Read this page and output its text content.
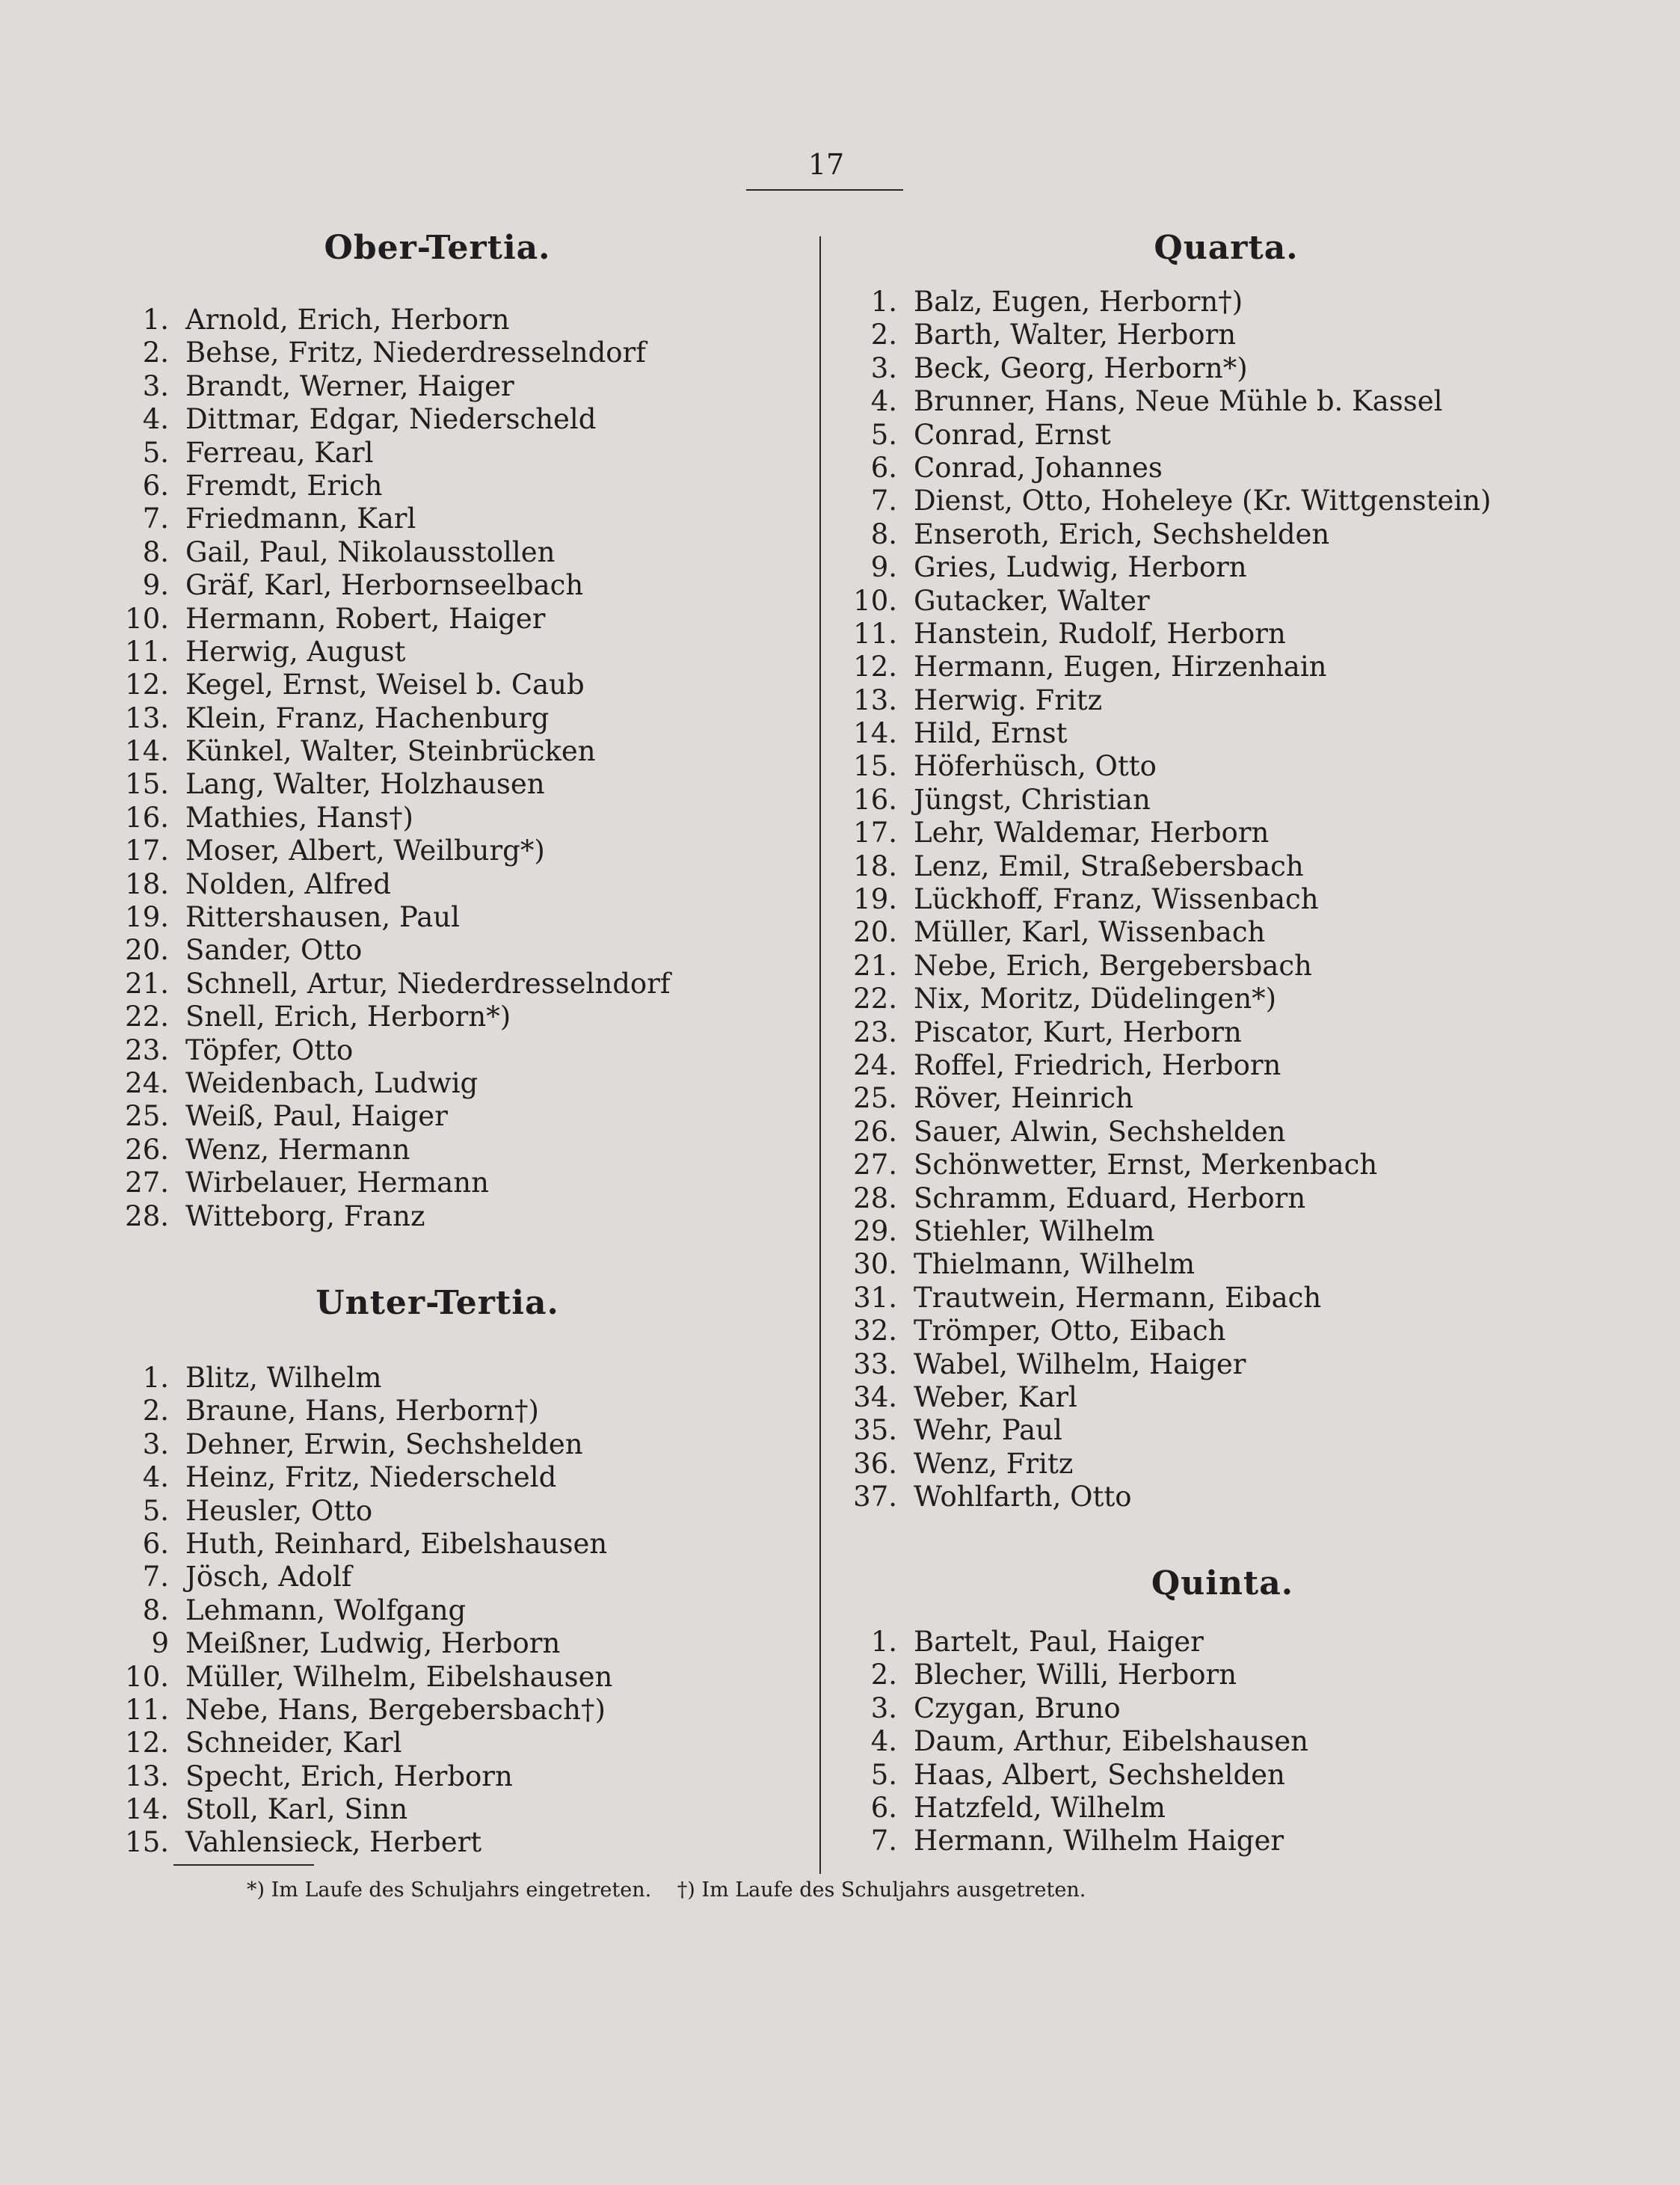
17
Ober-Tertia.
1. Arnold, Erich, Herborn
2. Behse, Fritz, Niederdresselndorf
3. Brandt, Werner, Haiger
4. Dittmar, Edgar, Niederscheld
5. Ferreau, Karl
6. Fremdt, Erich
7. Friedmann, Karl
8. Gail, Paul, Nikolausstollen
9. Gräf, Karl, Herbornseelbach
10. Hermann, Robert, Haiger
11. Herwig, August
12. Kegel, Ernst, Weisel b. Caub
13. Klein, Franz, Hachenburg
14. Künkel, Walter, Steinbrücken
15. Lang, Walter, Holzhausen
16. Mathies, Hans†)
17. Moser, Albert, Weilburg*)
18. Nolden, Alfred
19. Rittershausen, Paul
20. Sander, Otto
21. Schnell, Artur, Niederdresselndorf
22. Snell, Erich, Herborn*)
23. Töpfer, Otto
24. Weidenbach, Ludwig
25. Weiß, Paul, Haiger
26. Wenz, Hermann
27. Wirbelauer, Hermann
28. Witteborg, Franz
Unter-Tertia.
1. Blitz, Wilhelm
2. Braune, Hans, Herborn†)
3. Dehner, Erwin, Sechshelden
4. Heinz, Fritz, Niederscheld
5. Heusler, Otto
6. Huth, Reinhard, Eibelshausen
7. Jösch, Adolf
8. Lehmann, Wolfgang
9 Meißner, Ludwig, Herborn
10. Müller, Wilhelm, Eibelshausen
11. Nebe, Hans, Bergebersbach†)
12. Schneider, Karl
13. Specht, Erich, Herborn
14. Stoll, Karl, Sinn
15. Vahlensieck, Herbert
Quarta.
1. Balz, Eugen, Herborn†)
2. Barth, Walter, Herborn
3. Beck, Georg, Herborn*)
4. Brunner, Hans, Neue Mühle b. Kassel
5. Conrad, Ernst
6. Conrad, Johannes
7. Dienst, Otto, Hoheleye (Kr. Wittgenstein)
8. Enseroth, Erich, Sechshelden
9. Gries, Ludwig, Herborn
10. Gutacker, Walter
11. Hanstein, Rudolf, Herborn
12. Hermann, Eugen, Hirzenhain
13. Herwig. Fritz
14. Hild, Ernst
15. Höferhüsch, Otto
16. Jüngst, Christian
17. Lehr, Waldemar, Herborn
18. Lenz, Emil, Straßebersbach
19. Lückhoff, Franz, Wissenbach
20. Müller, Karl, Wissenbach
21. Nebe, Erich, Bergebersbach
22. Nix, Moritz, Düdelingen*)
23. Piscator, Kurt, Herborn
24. Roffel, Friedrich, Herborn
25. Röver, Heinrich
26. Sauer, Alwin, Sechshelden
27. Schönwetter, Ernst, Merkenbach
28. Schramm, Eduard, Herborn
29. Stiehler, Wilhelm
30. Thielmann, Wilhelm
31. Trautwein, Hermann, Eibach
32. Trömper, Otto, Eibach
33. Wabel, Wilhelm, Haiger
34. Weber, Karl
35. Wehr, Paul
36. Wenz, Fritz
37. Wohlfarth, Otto
Quinta.
1. Bartelt, Paul, Haiger
2. Blecher, Willi, Herborn
3. Czygan, Bruno
4. Daum, Arthur, Eibelshausen
5. Haas, Albert, Sechshelden
6. Hatzfeld, Wilhelm
7. Hermann, Wilhelm Haiger
*) Im Laufe des Schuljahrs eingetreten. †) Im Laufe des Schuljahrs ausgetreten.
